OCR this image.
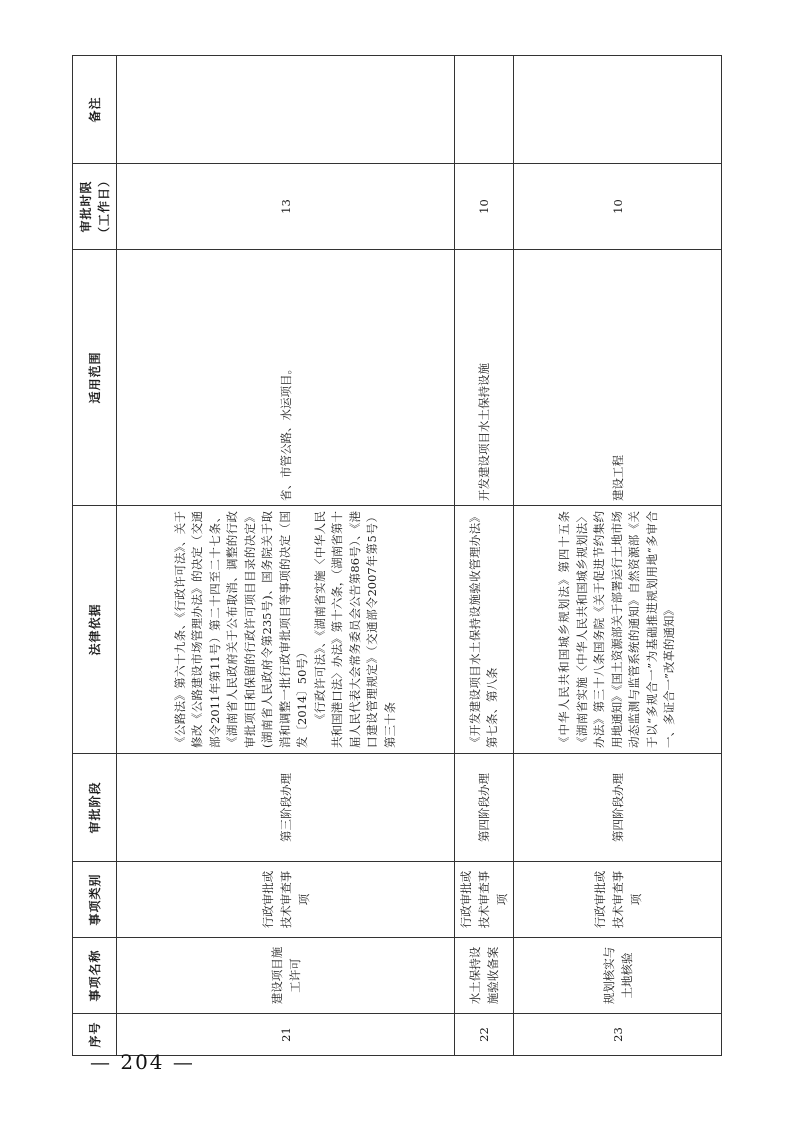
序号	事项名称	事项类别	审批阶段	法律依据	适用范围	审批时限 （工作日）	备注
21	建设项目施工许可	行政审批或技术审查事项	第三阶段办理	《公路法》第六十九条、《行政许可法》、关于修改《公路建设市场管理办法》的决定（交通部令2011年第11号）第二十四至二十七条、《湖南省人民政府关于公布取消、调整的行政审批项目和保留的行政许可项目目录的决定》(湖南省人民政府令第235号)、国务院关于取消和调整一批行政审批项目等事项的决定（国发〔2014〕50号） 《行政许可法》、《湖南省实施〈中华人民共和国港口法〉办法》第十六条，（湖南省第十届人民代表大会常务委员会公告第86号）、《港口建设管理规定》（交通部令2007年第5号）第三十条	省、市管公路、水运项目。	13	
22	水土保持设施验收备案	行政审批或技术审查事项	第四阶段办理	《开发建设项目水土保持设施验收管理办法》第七条、第八条	开发建设项目水土保持设施	10	
23	规划核实与土地核验	行政审批或技术审查事项	第四阶段办理	《中华人民共和国城乡规划法》第四十五条《湖南省实施〈中华人民共和国城乡规划法〉办法》第三十八条国务院《关于促进节约集约用地通知》《国土资源部关于部署运行土地市场动态监测与监管系统的通知》自然资源部《关于以“多规合一”为基础推进规划用地“多审合一、多证合一”改革的通知》	建设工程	10	
— 204 —
